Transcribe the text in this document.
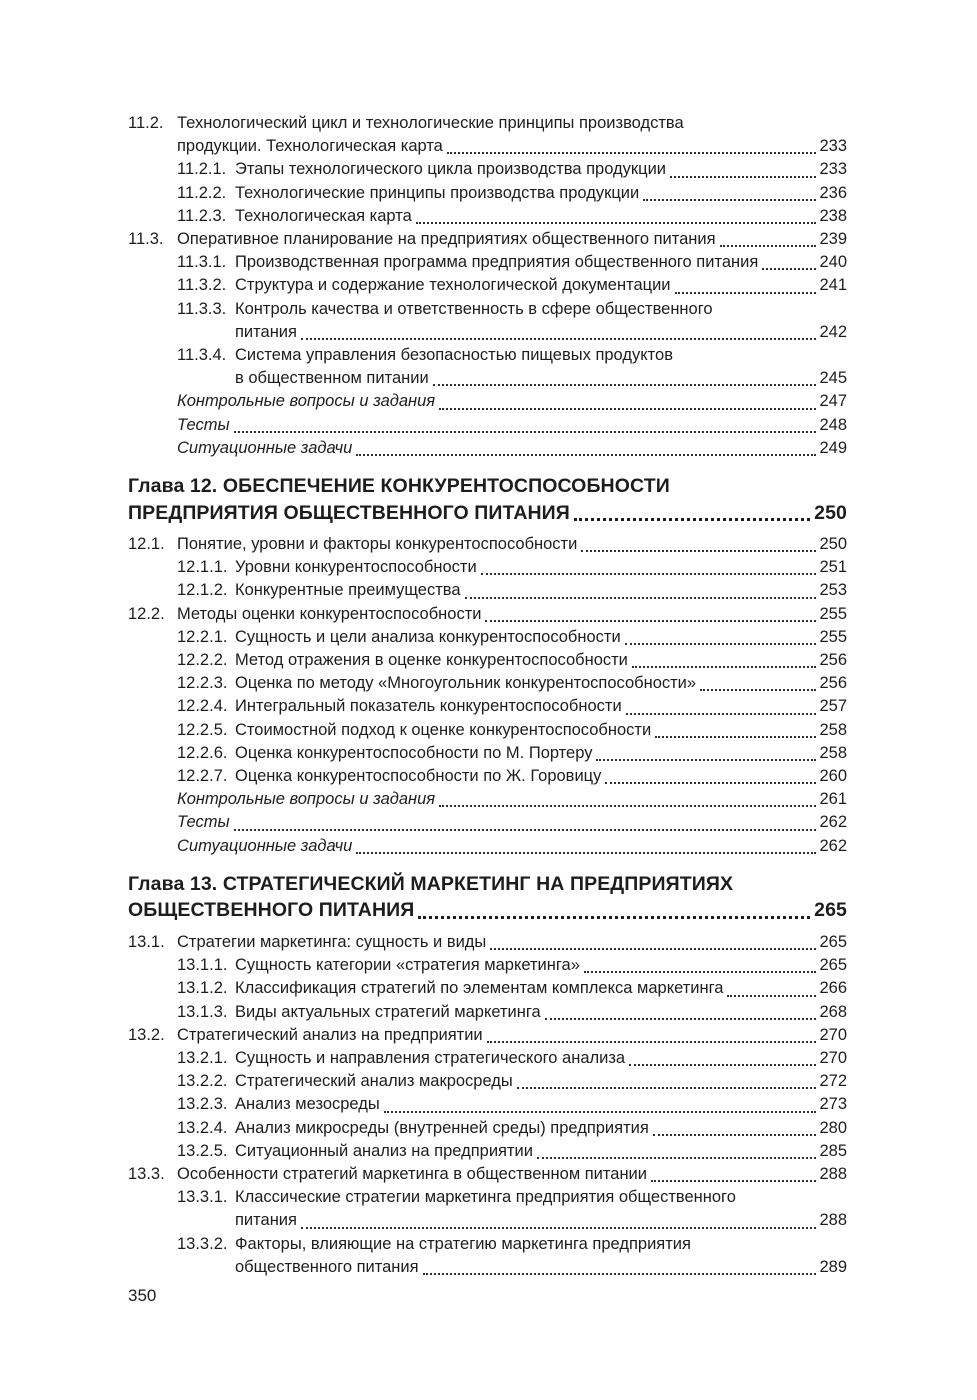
11.2. Технологический цикл и технологические принципы производства
продукции. Технологическая карта	233
11.2.1. Этапы технологического цикла производства продукции	233
11.2.2. Технологические принципы производства продукции	236
11.2.3. Технологическая карта	238
11.3. Оперативное планирование на предприятиях общественного питания	239
11.3.1. Производственная программа предприятия общественного питания	240
11.3.2. Структура и содержание технологической документации	241
11.3.3. Контроль качества и ответственность в сфере общественного
питания	242
11.3.4. Система управления безопасностью пищевых продуктов
в общественном питании	245
Контрольные вопросы и задания	247
Тесты	248
Ситуационные задачи	249
Глава 12. ОБЕСПЕЧЕНИЕ КОНКУРЕНТОСПОСОБНОСТИ
ПРЕДПРИЯТИЯ ОБЩЕСТВЕННОГО ПИТАНИЯ	250
12.1. Понятие, уровни и факторы конкурентоспособности	250
12.1.1. Уровни конкурентоспособности	251
12.1.2. Конкурентные преимущества	253
12.2. Методы оценки конкурентоспособности	255
12.2.1. Сущность и цели анализа конкурентоспособности	255
12.2.2. Метод отражения в оценке конкурентоспособности	256
12.2.3. Оценка по методу «Многоугольник конкурентоспособности»	256
12.2.4. Интегральный показатель конкурентоспособности	257
12.2.5. Стоимостной подход к оценке конкурентоспособности	258
12.2.6. Оценка конкурентоспособности по М. Портеру	258
12.2.7. Оценка конкурентоспособности по Ж. Горовицу	260
Контрольные вопросы и задания	261
Тесты	262
Ситуационные задачи	262
Глава 13. СТРАТЕГИЧЕСКИЙ МАРКЕТИНГ НА ПРЕДПРИЯТИЯХ
ОБЩЕСТВЕННОГО ПИТАНИЯ	265
13.1. Стратегии маркетинга: сущность и виды	265
13.1.1. Сущность категории «стратегия маркетинга»	265
13.1.2. Классификация стратегий по элементам комплекса маркетинга	266
13.1.3. Виды актуальных стратегий маркетинга	268
13.2. Стратегический анализ на предприятии	270
13.2.1. Сущность и направления стратегического анализа	270
13.2.2. Стратегический анализ макросреды	272
13.2.3. Анализ мезосреды	273
13.2.4. Анализ микросреды (внутренней среды) предприятия	280
13.2.5. Ситуационный анализ на предприятии	285
13.3. Особенности стратегий маркетинга в общественном питании	288
13.3.1. Классические стратегии маркетинга предприятия общественного
питания	288
13.3.2. Факторы, влияющие на стратегию маркетинга предприятия
общественного питания	289
350
